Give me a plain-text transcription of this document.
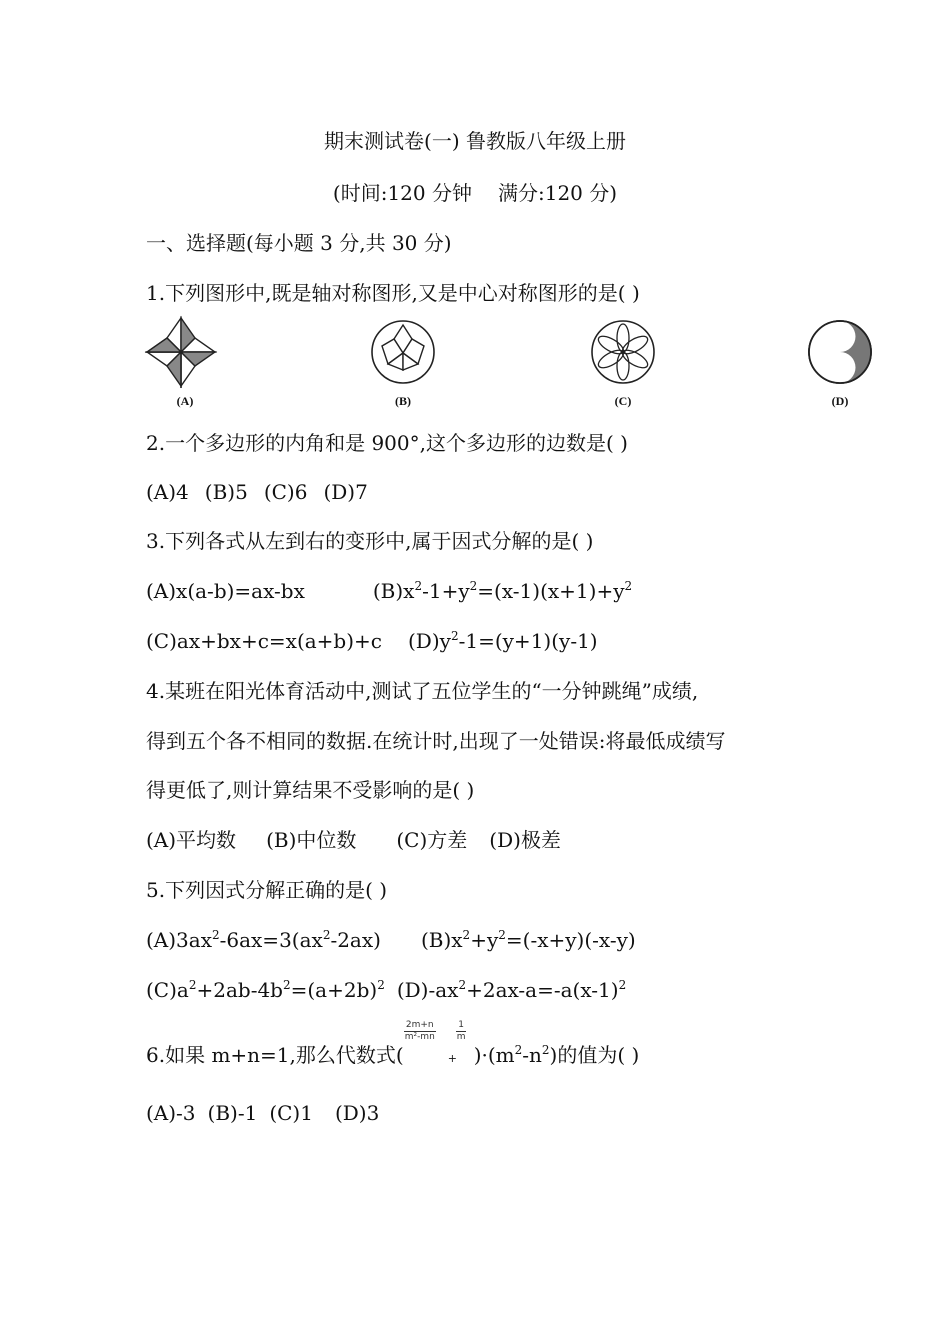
期末测试卷(一) 鲁教版八年级上册
(时间:120 分钟 满分:120 分)
一、选择题(每小题 3 分,共 30 分)
1.下列图形中,既是轴对称图形,又是中心对称图形的是( )
(A)	(B)	(C)	(D)
2.一个多边形的内角和是 900°,这个多边形的边数是( )
(A)4 (B)5 (C)6 (D)7
3.下列各式从左到右的变形中,属于因式分解的是( )
(A)x(a-b)=ax-bx	$(B)x^2-1+y^2=(x-1)(x+1)+y^2$
(C)ax+bx+c=x(a+b)+c $(D)y^2-1=(y+1)(y-1)$
4.某班在阳光体育活动中,测试了五位学生的“一分钟跳绳”成绩,
得到五个各不相同的数据.在统计时,出现了一处错误:将最低成绩写
得更低了,则计算结果不受影响的是( )
(A)平均数 (B)中位数 (C)方差 (D)极差
5.下列因式分解正确的是( )
$(A)3ax^2-6ax=3(ax^2-2ax)$ $(B)x^2+y^2=(-x+y)(-x-y)$
$(C)a^2+2ab-4b^2=(a+2b)^2$ $(D)-ax^2+2ax-a=-a(x-1)^2$
6.如果 m+n=1,那么代数式(
$\frac{2m+n}{\text{m²-mn}}$
+
$\frac{1}{m}$
)$\cdot(m^2-n^2)$的值为( )
(A)-3 (B)-1 (C)1 (D)3
